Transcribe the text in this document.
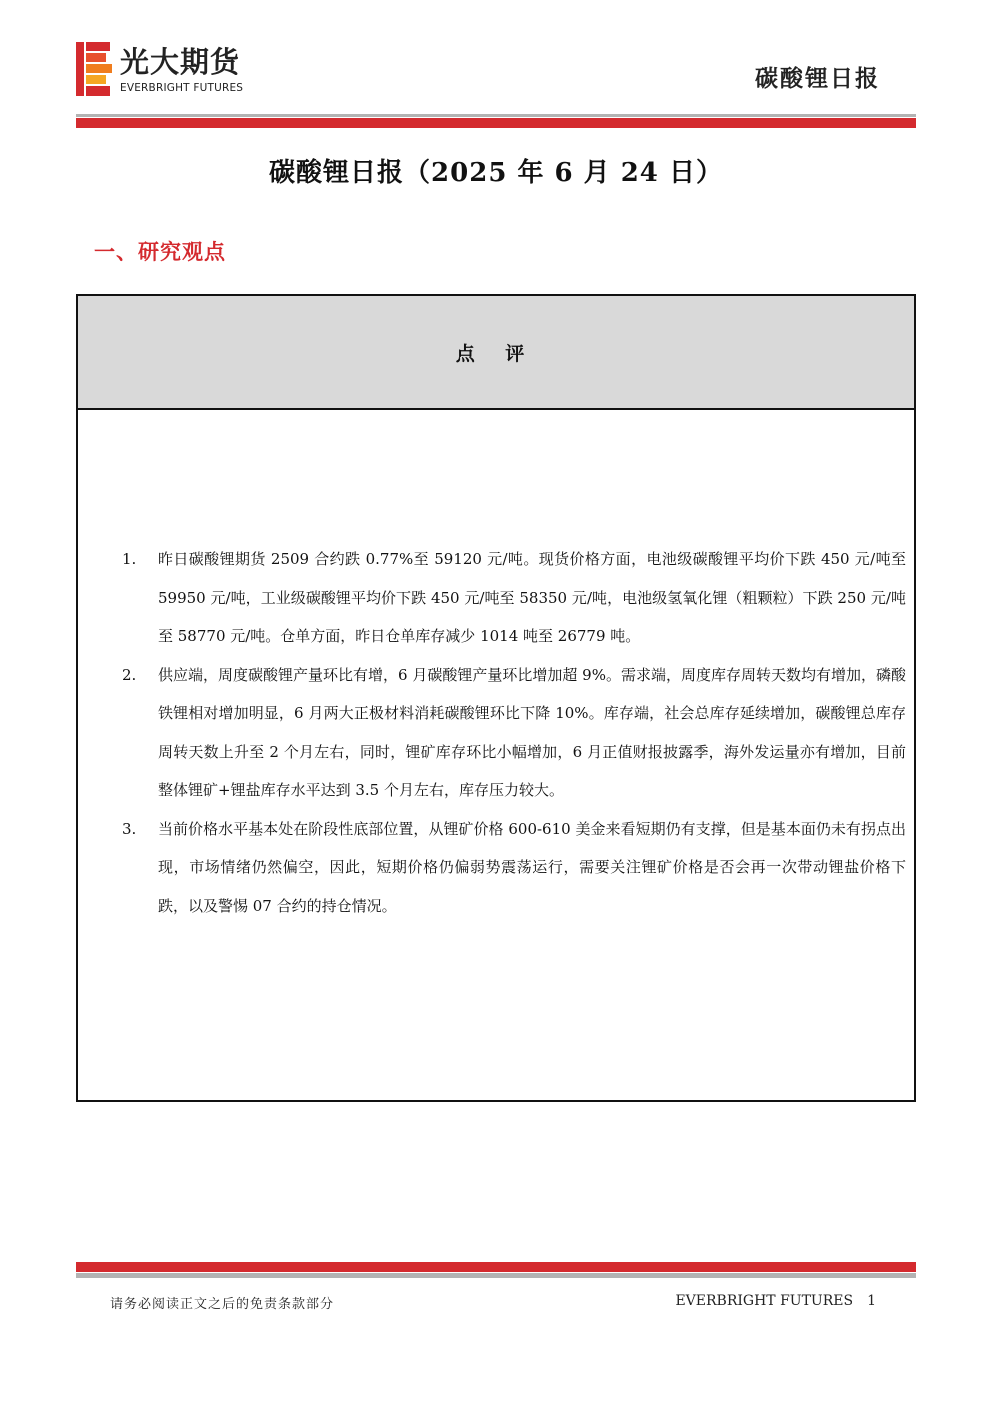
光大期货
EVERBRIGHT FUTURES	碳酸锂日报
碳酸锂日报（2025 年 6 月 24 日）
一、研究观点
点 评
1. 昨日碳酸锂期货 2509 合约跌 0.77%至 59120 元/吨。现货价格方面，电池级碳酸锂平均价下跌 450 元/吨至 59950 元/吨，工业级碳酸锂平均价下跌 450 元/吨至 58350 元/吨，电池级氢氧化锂（粗颗粒）下跌 250 元/吨至 58770 元/吨。仓单方面，昨日仓单库存减少 1014 吨至 26779 吨。
2. 供应端，周度碳酸锂产量环比有增，6 月碳酸锂产量环比增加超 9%。需求端，周度库存周转天数均有增加，磷酸铁锂相对增加明显，6 月两大正极材料消耗碳酸锂环比下降 10%。库存端，社会总库存延续增加，碳酸锂总库存周转天数上升至 2 个月左右，同时，锂矿库存环比小幅增加，6 月正值财报披露季，海外发运量亦有增加，目前整体锂矿+锂盐库存水平达到 3.5 个月左右，库存压力较大。
3. 当前价格水平基本处在阶段性底部位置，从锂矿价格 600-610 美金来看短期仍有支撑，但是基本面仍未有拐点出现，市场情绪仍然偏空，因此，短期价格仍偏弱势震荡运行，需要关注锂矿价格是否会再一次带动锂盐价格下跌，以及警惕 07 合约的持仓情况。
请务必阅读正文之后的免责条款部分	EVERBRIGHT FUTURES 1
